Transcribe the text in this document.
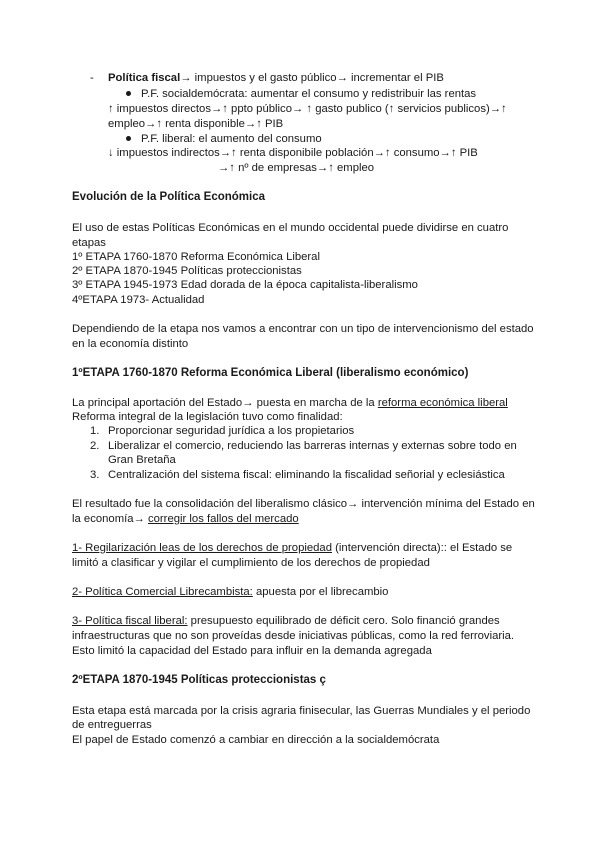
- Política fiscal→ impuestos y el gasto público→ incrementar el PIB
P.F. socialdemócrata: aumentar el consumo y redistribuir las rentas
↑ impuestos directos→↑ ppto público→ ↑ gasto publico (↑ servicios publicos)→↑
empleo→↑ renta disponible→↑ PIB
P.F. liberal: el aumento del consumo
↓ impuestos indirectos→↑ renta disponibile población→↑ consumo→↑ PIB
→↑ nº de empresas→↑ empleo
Evolución de la Política Económica
El uso de estas Políticas Económicas en el mundo occidental puede dividirse en cuatro
etapas
1º ETAPA 1760-1870 Reforma Económica Liberal
2º ETAPA 1870-1945 Políticas proteccionistas
3º ETAPA 1945-1973 Edad dorada de la época capitalista-liberalismo
4ºETAPA 1973- Actualidad
Dependiendo de la etapa nos vamos a encontrar con un tipo de intervencionismo del estado
en la economía distinto
1ºETAPA 1760-1870 Reforma Económica Liberal (liberalismo económico)
La principal aportación del Estado→ puesta en marcha de la reforma económica liberal
Reforma integral de la legislación tuvo como finalidad:
1. Proporcionar seguridad jurídica a los propietarios
2. Liberalizar el comercio, reduciendo las barreras internas y externas sobre todo en
Gran Bretaña
3. Centralización del sistema fiscal: eliminando la fiscalidad señorial y eclesiástica
El resultado fue la consolidación del liberalismo clásico→ intervención mínima del Estado en
la economía→ corregir los fallos del mercado
1- Regilarización leas de los derechos de propiedad (intervención directa):: el Estado se
limitó a clasificar y vigilar el cumplimiento de los derechos de propiedad
2- Política Comercial Librecambista: apuesta por el librecambio
3- Política fiscal liberal: presupuesto equilibrado de déficit cero. Solo financió grandes
infraestructuras que no son proveídas desde iniciativas públicas, como la red ferroviaria.
Esto limitó la capacidad del Estado para influir en la demanda agregada
2ºETAPA 1870-1945 Políticas proteccionistas ç
Esta etapa está marcada por la crisis agraria finisecular, las Guerras Mundiales y el periodo
de entreguerras
El papel de Estado comenzó a cambiar en dirección a la socialdemócrata
